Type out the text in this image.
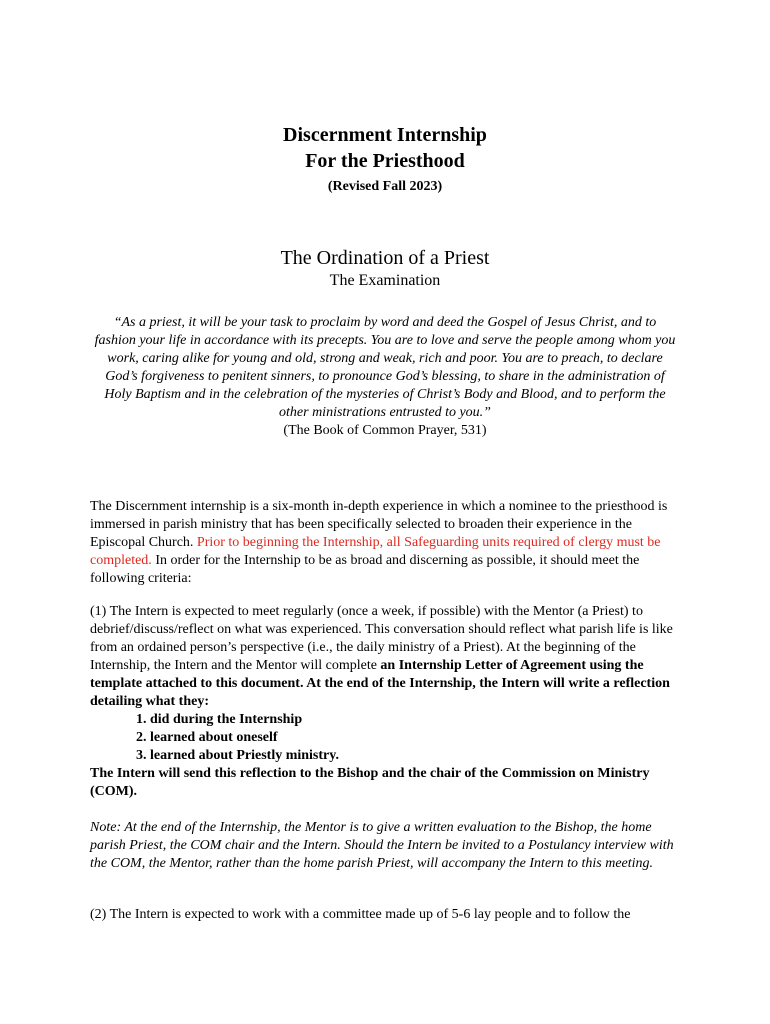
Discernment Internship
For the Priesthood
(Revised Fall 2023)
The Ordination of a Priest
The Examination
“As a priest, it will be your task to proclaim by word and deed the Gospel of Jesus Christ, and to fashion your life in accordance with its precepts. You are to love and serve the people among whom you work, caring alike for young and old, strong and weak, rich and poor. You are to preach, to declare God’s forgiveness to penitent sinners, to pronounce God’s blessing, to share in the administration of Holy Baptism and in the celebration of the mysteries of Christ’s Body and Blood, and to perform the other ministrations entrusted to you.”
(The Book of Common Prayer, 531)
The Discernment internship is a six-month in-depth experience in which a nominee to the priesthood is immersed in parish ministry that has been specifically selected to broaden their experience in the Episcopal Church. Prior to beginning the Internship, all Safeguarding units required of clergy must be completed. In order for the Internship to be as broad and discerning as possible, it should meet the following criteria:
(1) The Intern is expected to meet regularly (once a week, if possible) with the Mentor (a Priest) to debrief/discuss/reflect on what was experienced. This conversation should reflect what parish life is like from an ordained person’s perspective (i.e., the daily ministry of a Priest). At the beginning of the Internship, the Intern and the Mentor will complete an Internship Letter of Agreement using the template attached to this document. At the end of the Internship, the Intern will write a reflection detailing what they:
1. did during the Internship
2. learned about oneself
3. learned about Priestly ministry.
The Intern will send this reflection to the Bishop and the chair of the Commission on Ministry (COM).
Note: At the end of the Internship, the Mentor is to give a written evaluation to the Bishop, the home parish Priest, the COM chair and the Intern. Should the Intern be invited to a Postulancy interview with the COM, the Mentor, rather than the home parish Priest, will accompany the Intern to this meeting.
(2) The Intern is expected to work with a committee made up of 5-6 lay people and to follow the
